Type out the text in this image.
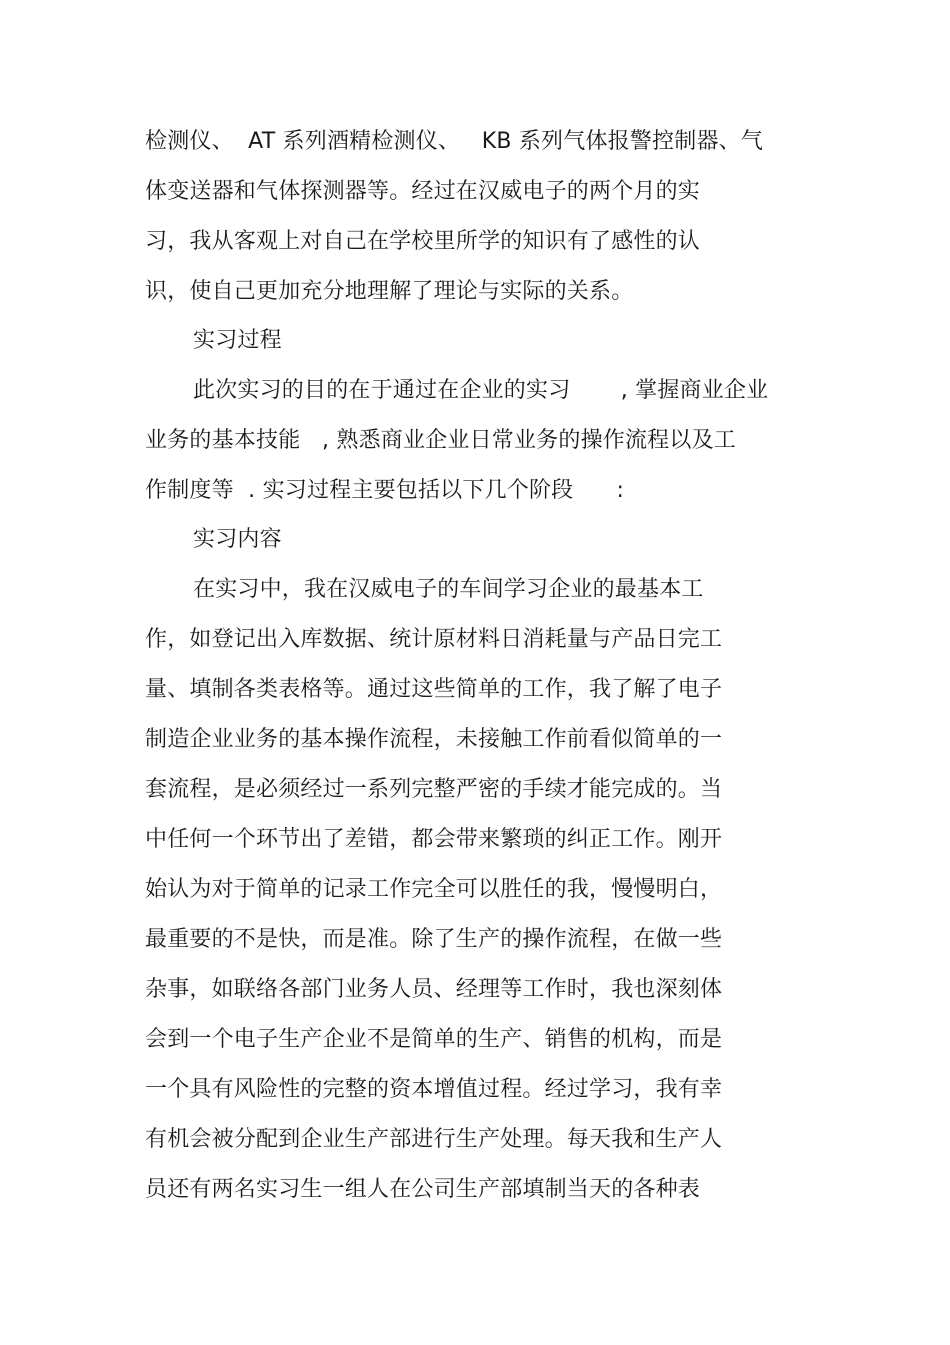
检测仪、  AT 系列酒精检测仪、   KB 系列气体报警控制器、气
体变送器和气体探测器等。经过在汉威电子的两个月的实
习，我从客观上对自己在学校里所学的知识有了感性的认
识，使自己更加充分地理解了理论与实际的关系。
实习过程
此次实习的目的在于通过在企业的实习       , 掌握商业企业
业务的基本技能   , 熟悉商业企业日常业务的操作流程以及工
作制度等  . 实习过程主要包括以下几个阶段      :
实习内容
在实习中，我在汉威电子的车间学习企业的最基本工
作，如登记出入库数据、统计原材料日消耗量与产品日完工
量、填制各类表格等。通过这些简单的工作，我了解了电子
制造企业业务的基本操作流程，未接触工作前看似简单的一
套流程，是必须经过一系列完整严密的手续才能完成的。当
中任何一个环节出了差错，都会带来繁琐的纠正工作。刚开
始认为对于简单的记录工作完全可以胜任的我，慢慢明白，
最重要的不是快，而是准。除了生产的操作流程，在做一些
杂事，如联络各部门业务人员、经理等工作时，我也深刻体
会到一个电子生产企业不是简单的生产、销售的机构，而是
一个具有风险性的完整的资本增值过程。经过学习，我有幸
有机会被分配到企业生产部进行生产处理。每天我和生产人
员还有两名实习生一组人在公司生产部填制当天的各种表
